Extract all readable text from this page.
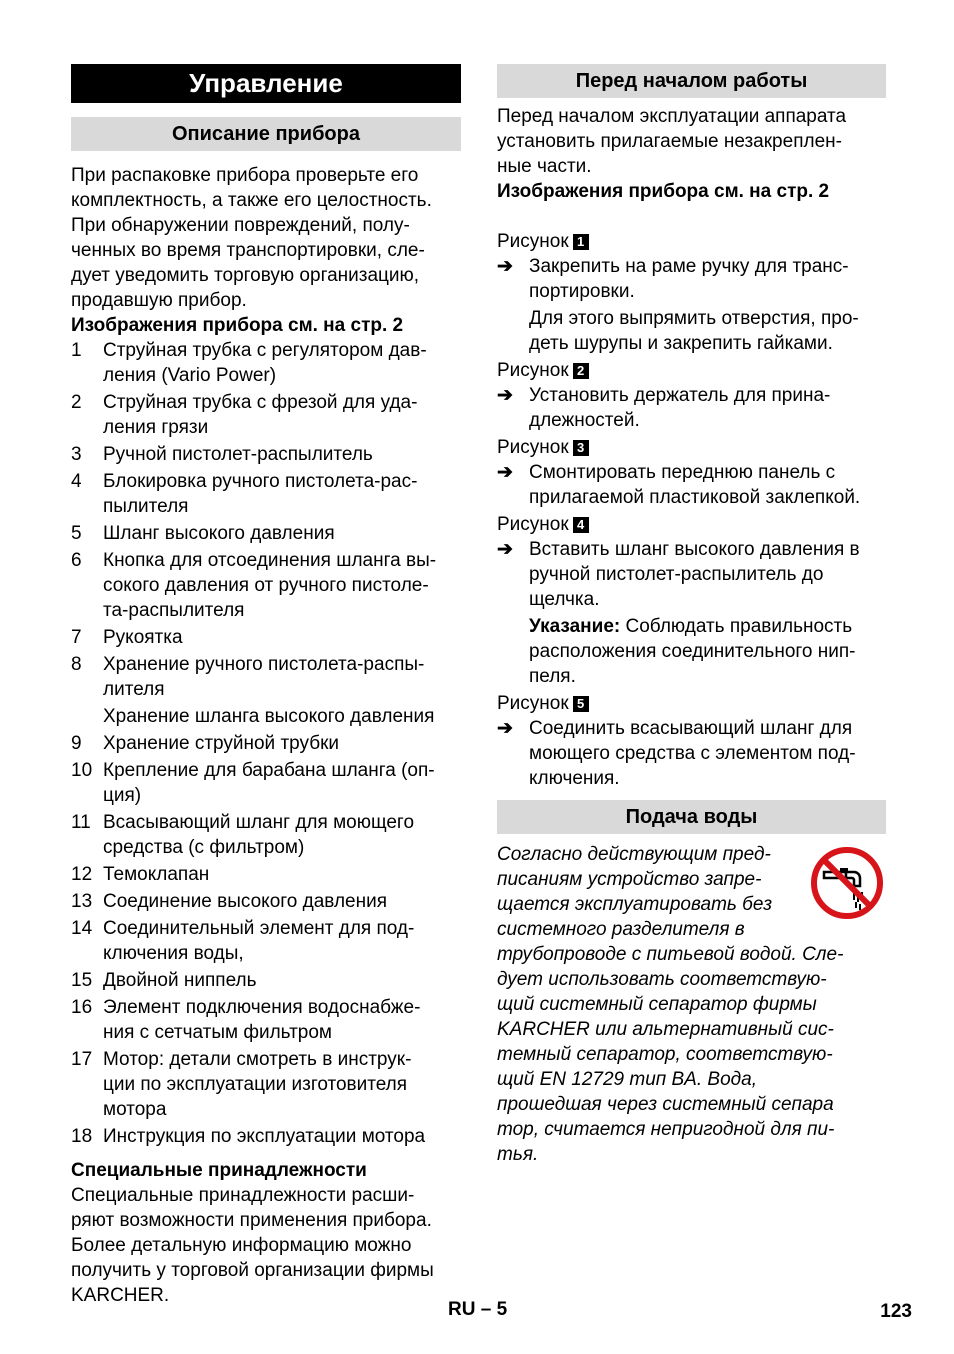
Управление
Описание прибора
При распаковке прибора проверьте его
комплектность, а также его целостность.
При обнаружении повреждений, полу-
ченных во время транспортировки, сле-
дует уведомить торговую организацию,
продавшую прибор.

Изображения прибора см. на стр. 2

1	Струйная трубка с регулятором дав-
ления (Vario Power)
2	Струйная трубка с фрезой для уда-
ления грязи
3	Ручной пистолет-распылитель
4	Блокировка ручного пистолета-рас-
пылителя
5	Шланг высокого давления
6	Кнопка для отсоединения шланга вы-
сокого давления от ручного пистоле-
та-распылителя
7	Рукоятка
8	Хранение ручного пистолета-распы-
лителя
Хранение шланга высокого давления
9	Хранение струйной трубки
10 Крепление для барабана шланга (оп-
ция)
11 Всасывающий шланг для моющего
средства (с фильтром)
12 Темоклапан
13 Соединение высокого давления
14 Соединительный элемент для под-
ключения воды,
15 Двойной ниппель
16 Элемент подключения водоснабже-
ния с сетчатым фильтром
17 Мотор: детали смотреть в инструк-
ции по эксплуатации изготовителя
мотора
18 Инструкция по эксплуатации мотора

Специальные принадлежности

Специальные принадлежности расши-
ряют возможности применения прибора.
Более детальную информацию можно
получить у торговой организации фирмы
KARCHER.
Перед началом работы
Перед началом эксплуатации аппарата
установить прилагаемые незакреплен-
ные части.

Изображения прибора см. на стр. 2

Рисунок 1
➔ Закрепить на раме ручку для транс-
портировки.
Для этого выпрямить отверстия, про-
деть шурупы и закрепить гайками.
Рисунок 2
➔ Установить держатель для прина-
длежностей.
Рисунок 3
➔ Смонтировать переднюю панель с
прилагаемой пластиковой заклепкой.
Рисунок 4
➔ Вставить шланг высокого давления в
ручной пистолет-распылитель до
щелчка.
Указание: Соблюдать правильность
расположения соединительного нип-
пеля.
Рисунок 5
➔ Соединить всасывающий шланг для
моющего средства с элементом под-
ключения.
Подача воды
Согласно действующим пред-
писаниям устройство запре-
щается эксплуатировать без
системного разделителя в
трубопроводе с питьевой водой. Сле-
дует использовать соответствую-
щий системный сепаратор фирмы
KARCHER или альтернативный сис-
темный сепаратор, соответствую-
щий EN 12729 тип BA. Вода,
прошедшая через системный сепара
тор, считается непригодной для пи-
тья.
RU – 5	123
